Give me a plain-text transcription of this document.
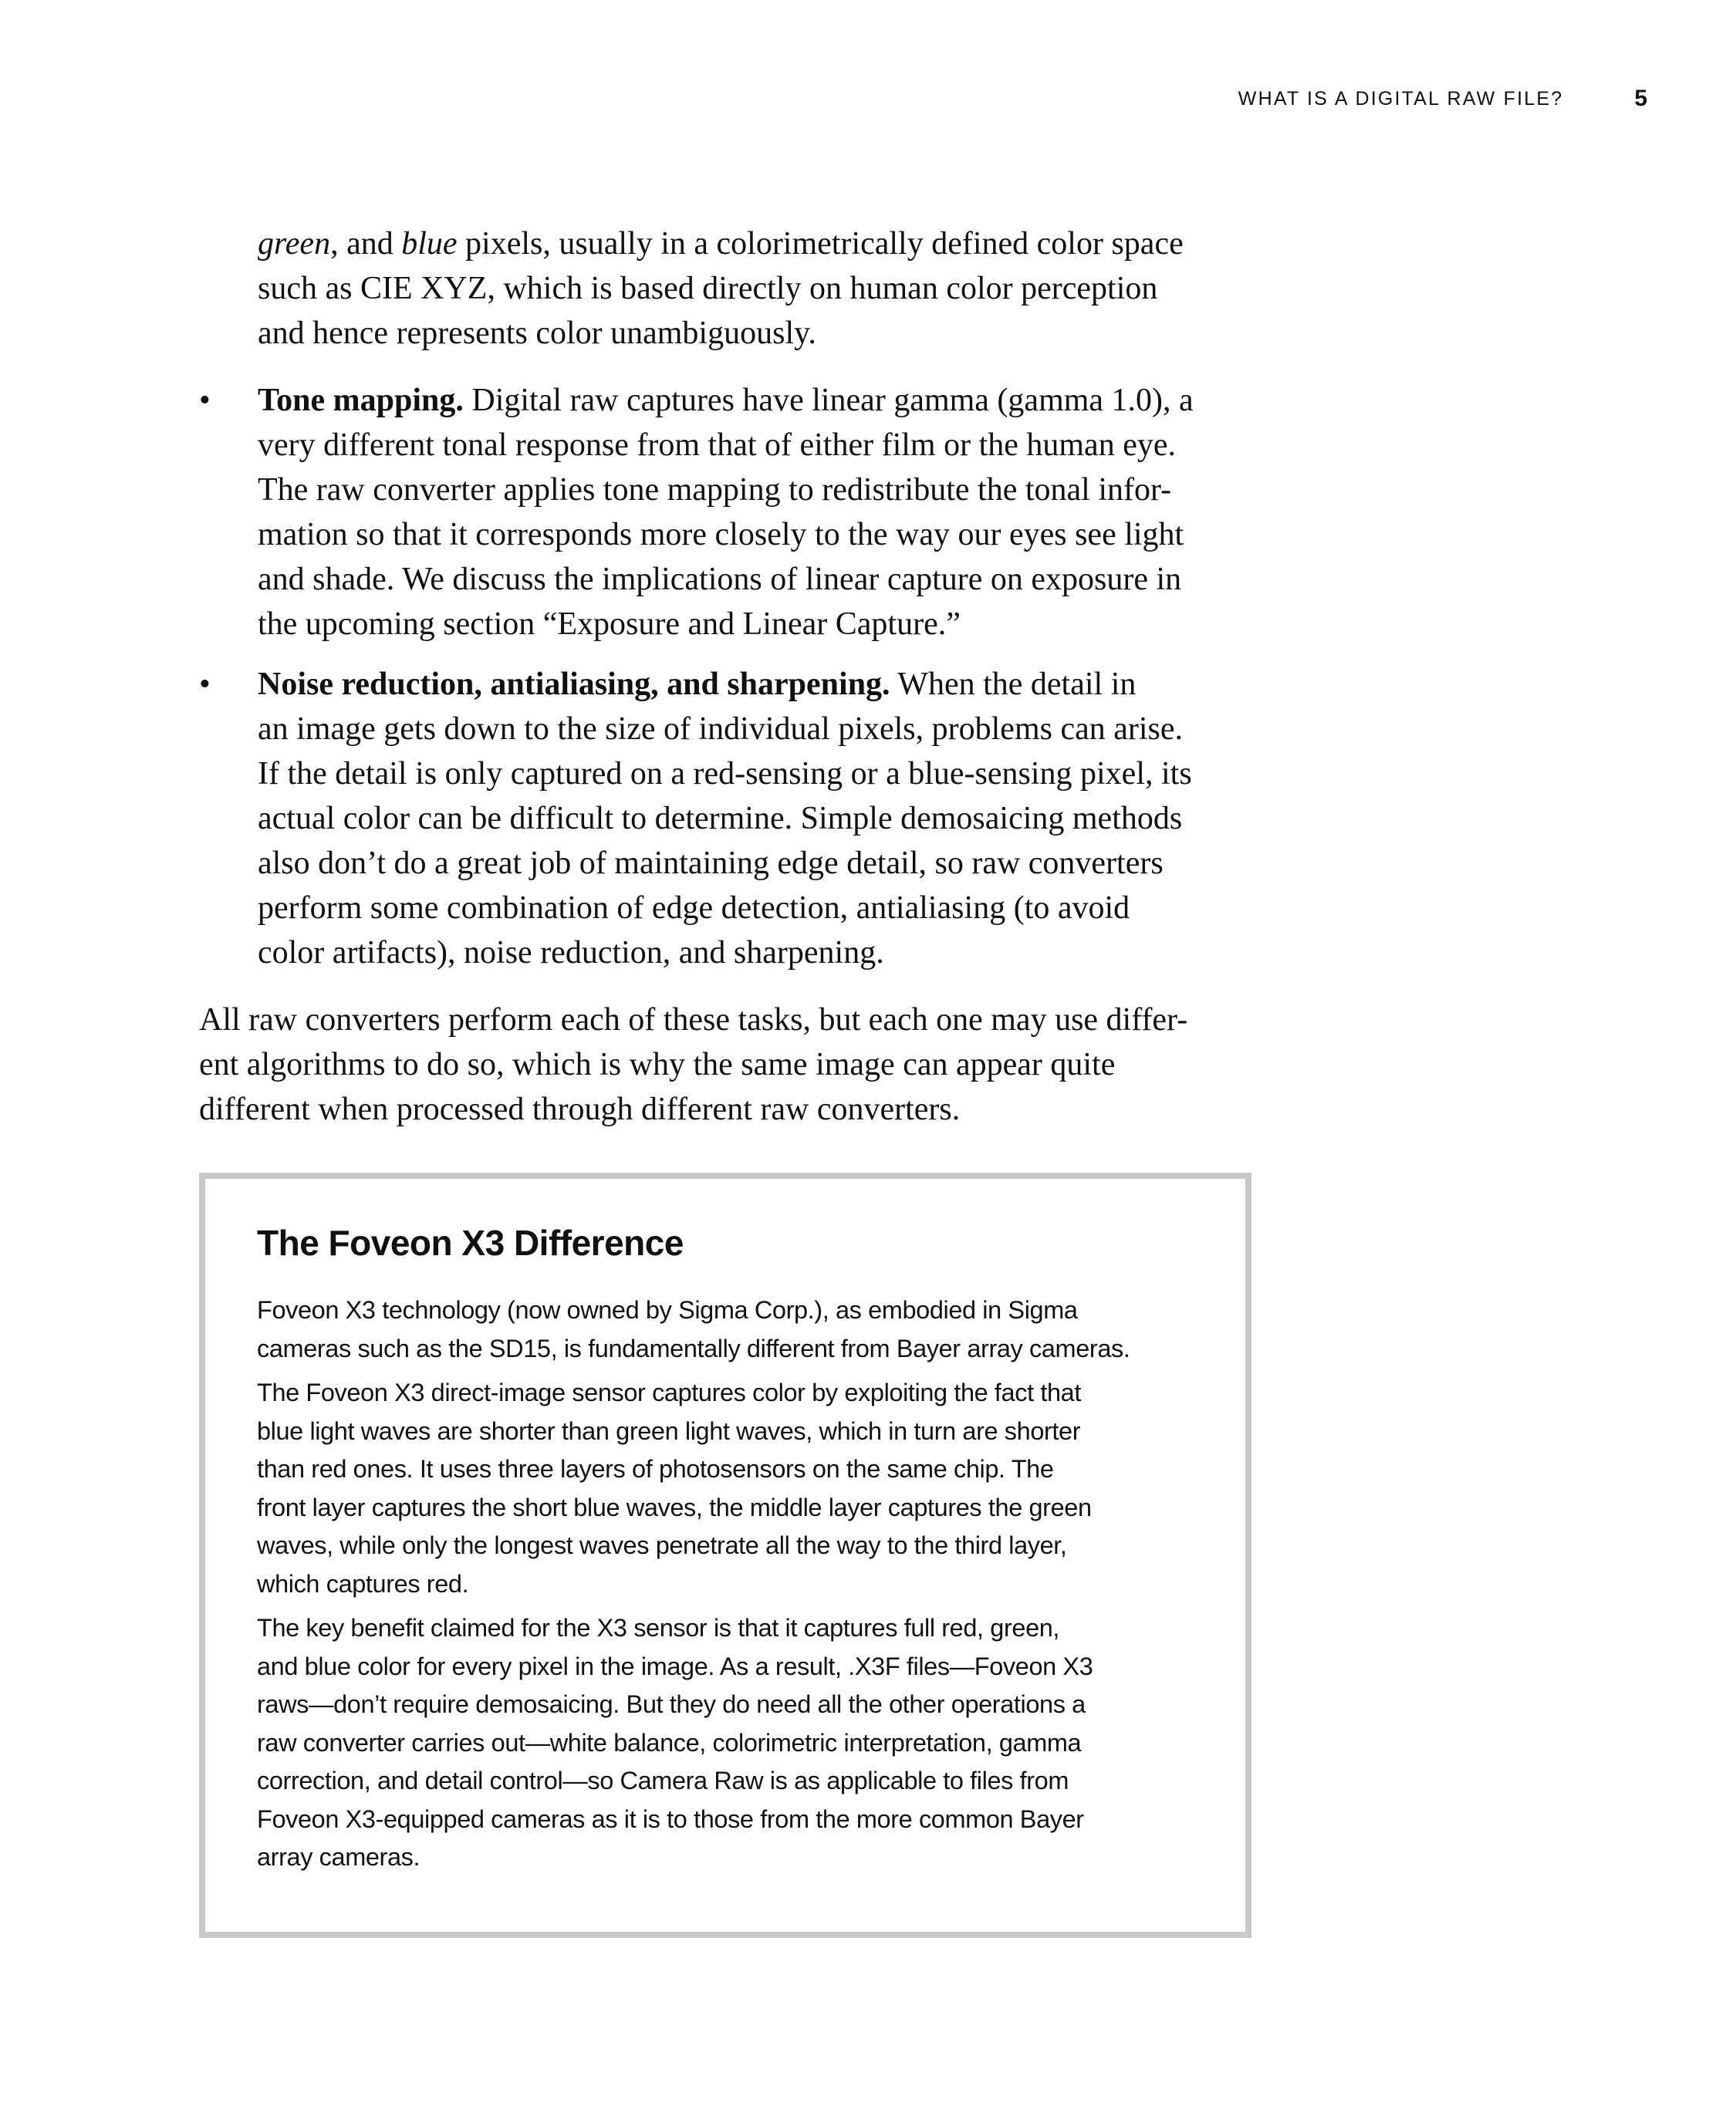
WHAT IS A DIGITAL RAW FILE?	5

green, and blue pixels, usually in a colorimetrically defined color space
such as CIE XYZ, which is based directly on human color perception
and hence represents color unambiguously.

•	Tone mapping. Digital raw captures have linear gamma (gamma 1.0), a
very different tonal response from that of either film or the human eye.
The raw converter applies tone mapping to redistribute the tonal infor-
mation so that it corresponds more closely to the way our eyes see light
and shade. We discuss the implications of linear capture on exposure in
the upcoming section “Exposure and Linear Capture.”
•	Noise reduction, antialiasing, and sharpening. When the detail in
an image gets down to the size of individual pixels, problems can arise.
If the detail is only captured on a red-sensing or a blue-sensing pixel, its
actual color can be difficult to determine. Simple demosaicing methods
also don’t do a great job of maintaining edge detail, so raw converters
perform some combination of edge detection, antialiasing (to avoid
color artifacts), noise reduction, and sharpening.

All raw converters perform each of these tasks, but each one may use differ-
ent algorithms to do so, which is why the same image can appear quite
different when processed through different raw converters.

The Foveon X3 Difference

Foveon X3 technology (now owned by Sigma Corp.), as embodied in Sigma
cameras such as the SD15, is fundamentally different from Bayer array cameras.

The Foveon X3 direct-image sensor captures color by exploiting the fact that
blue light waves are shorter than green light waves, which in turn are shorter
than red ones. It uses three layers of photosensors on the same chip. The
front layer captures the short blue waves, the middle layer captures the green
waves, while only the longest waves penetrate all the way to the third layer,
which captures red.

The key benefit claimed for the X3 sensor is that it captures full red, green,
and blue color for every pixel in the image. As a result, .X3F files—Foveon X3
raws—don’t require demosaicing. But they do need all the other operations a
raw converter carries out—white balance, colorimetric interpretation, gamma
correction, and detail control—so Camera Raw is as applicable to files from
Foveon X3-equipped cameras as it is to those from the more common Bayer
array cameras.
